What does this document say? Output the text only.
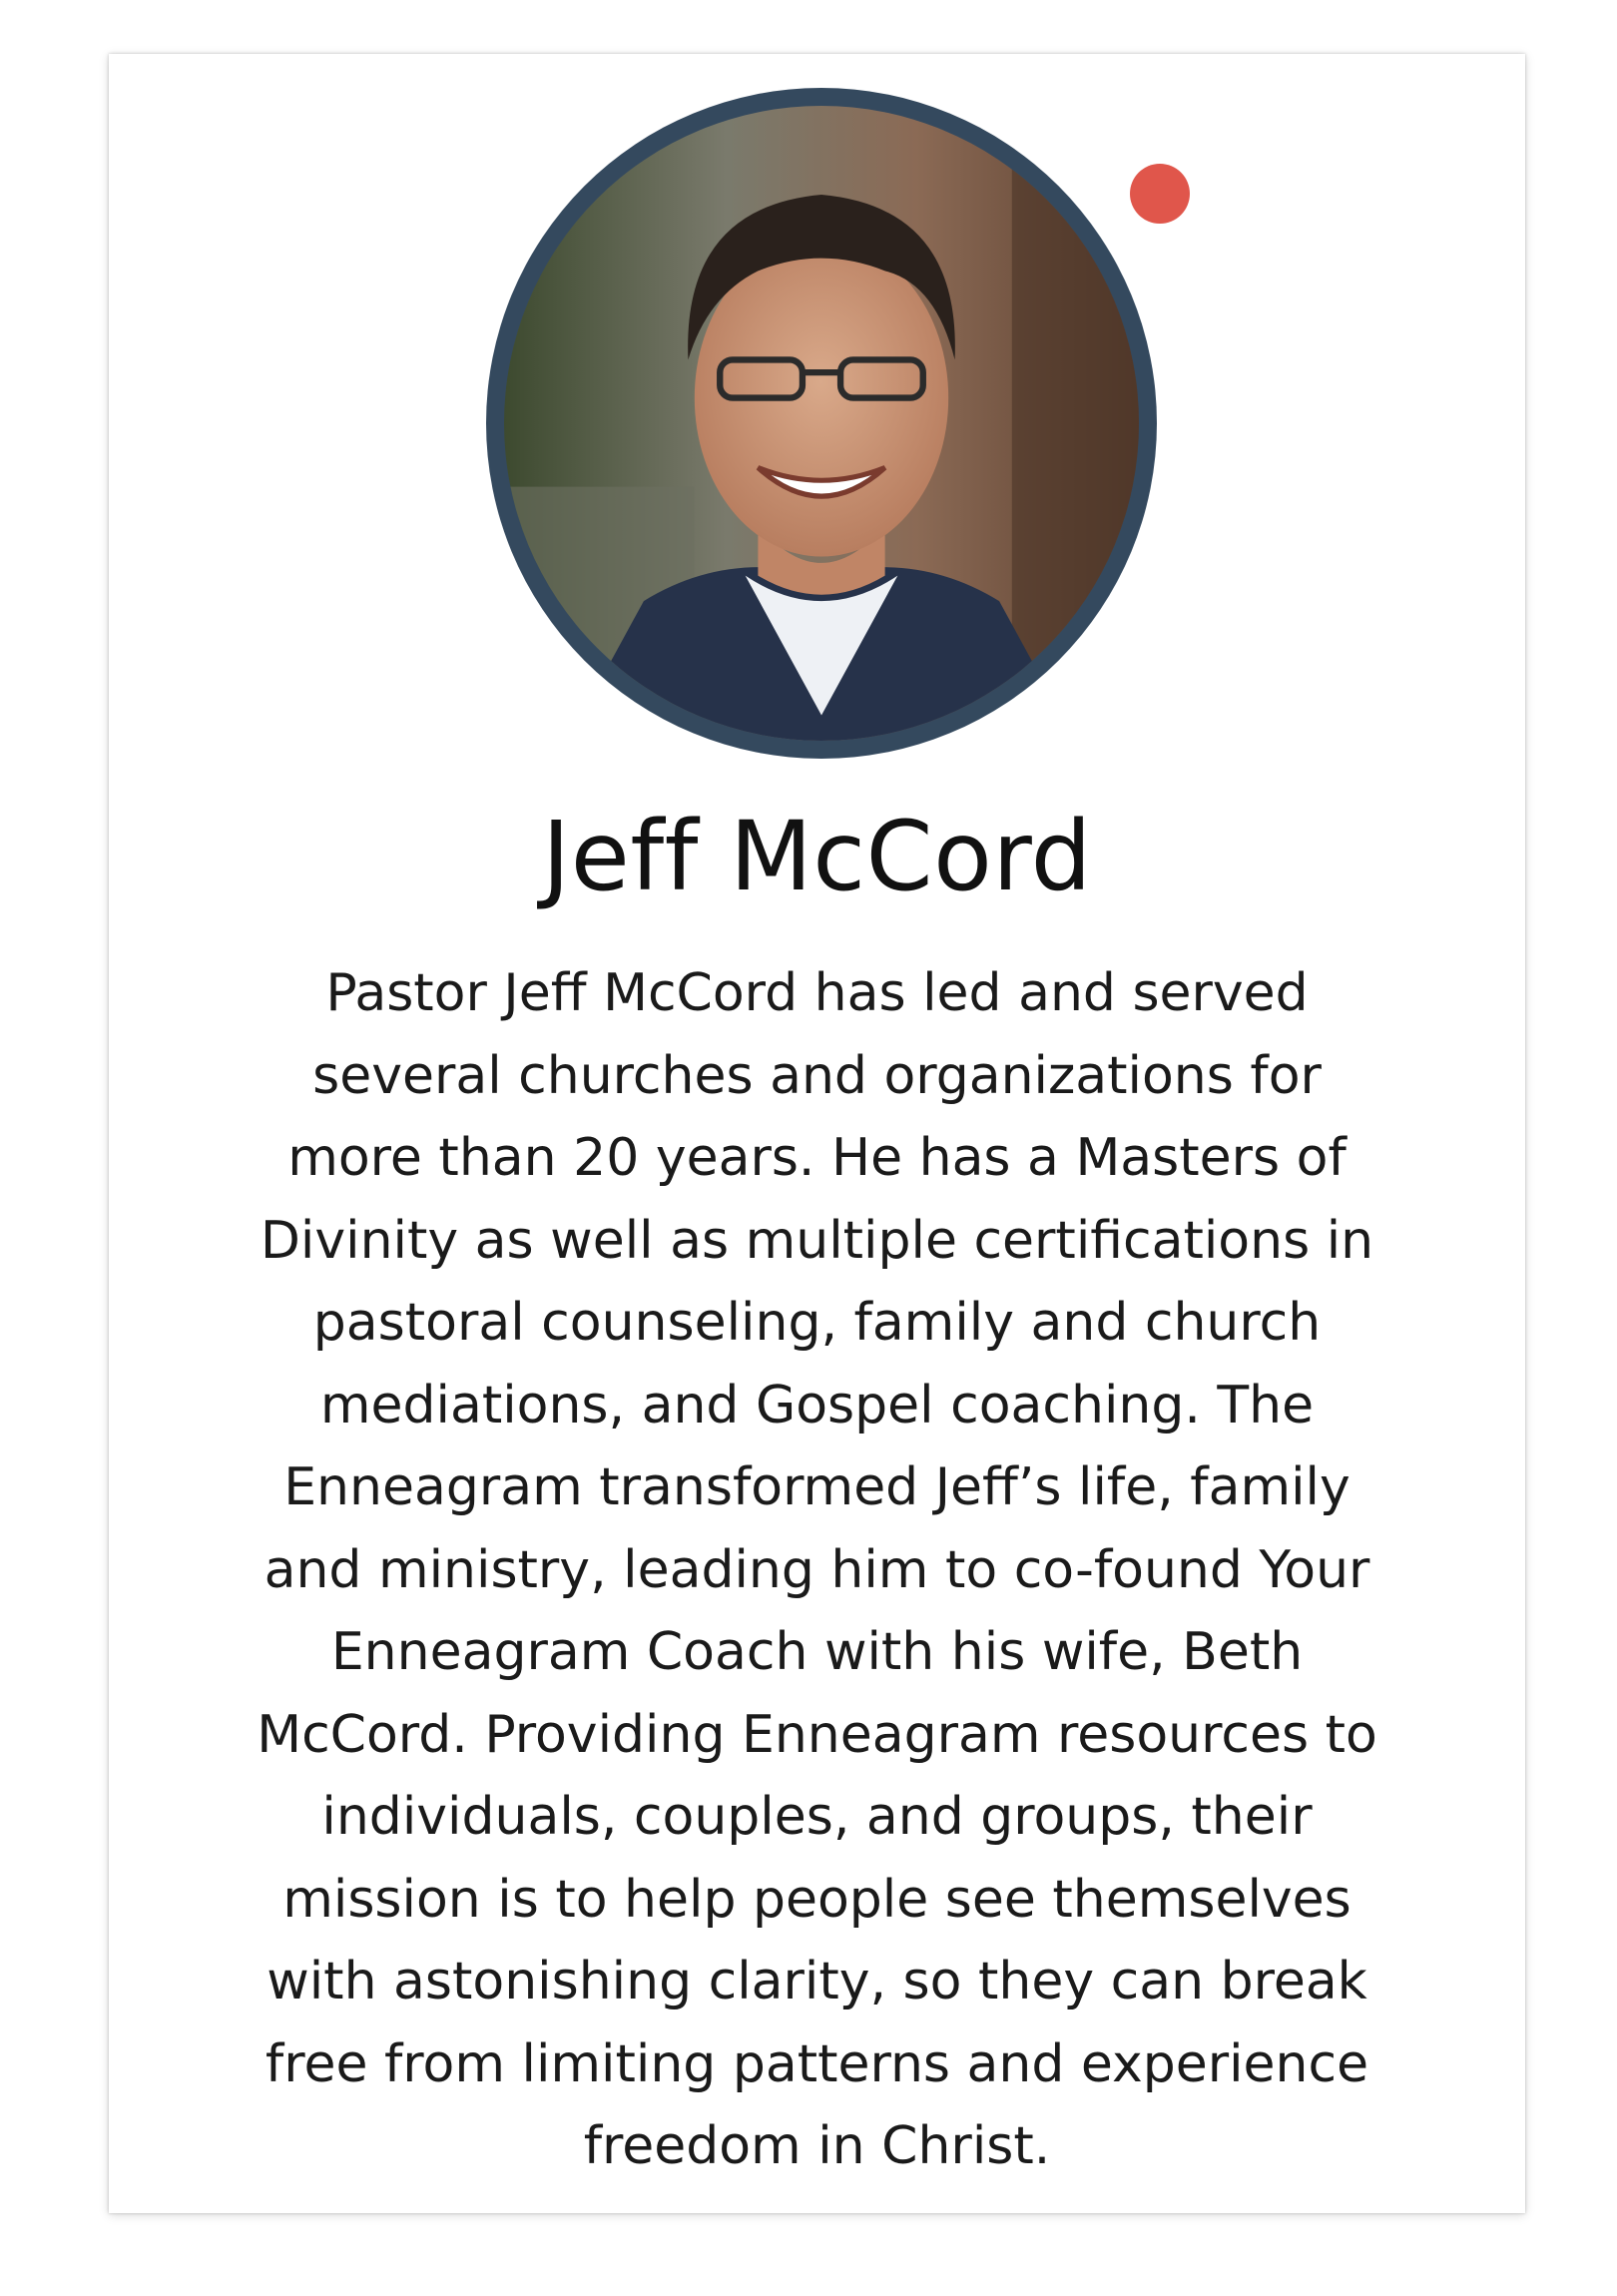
Jeff McCord

Pastor Jeff McCord has led and served
several churches and organizations for
more than 20 years. He has a Masters of
Divinity as well as multiple certifications in
pastoral counseling, family and church
mediations, and Gospel coaching. The
Enneagram transformed Jeff’s life, family
and ministry, leading him to co-found Your
Enneagram Coach with his wife, Beth
McCord. Providing Enneagram resources to
individuals, couples, and groups, their
mission is to help people see themselves
with astonishing clarity, so they can break
free from limiting patterns and experience
freedom in Christ.
